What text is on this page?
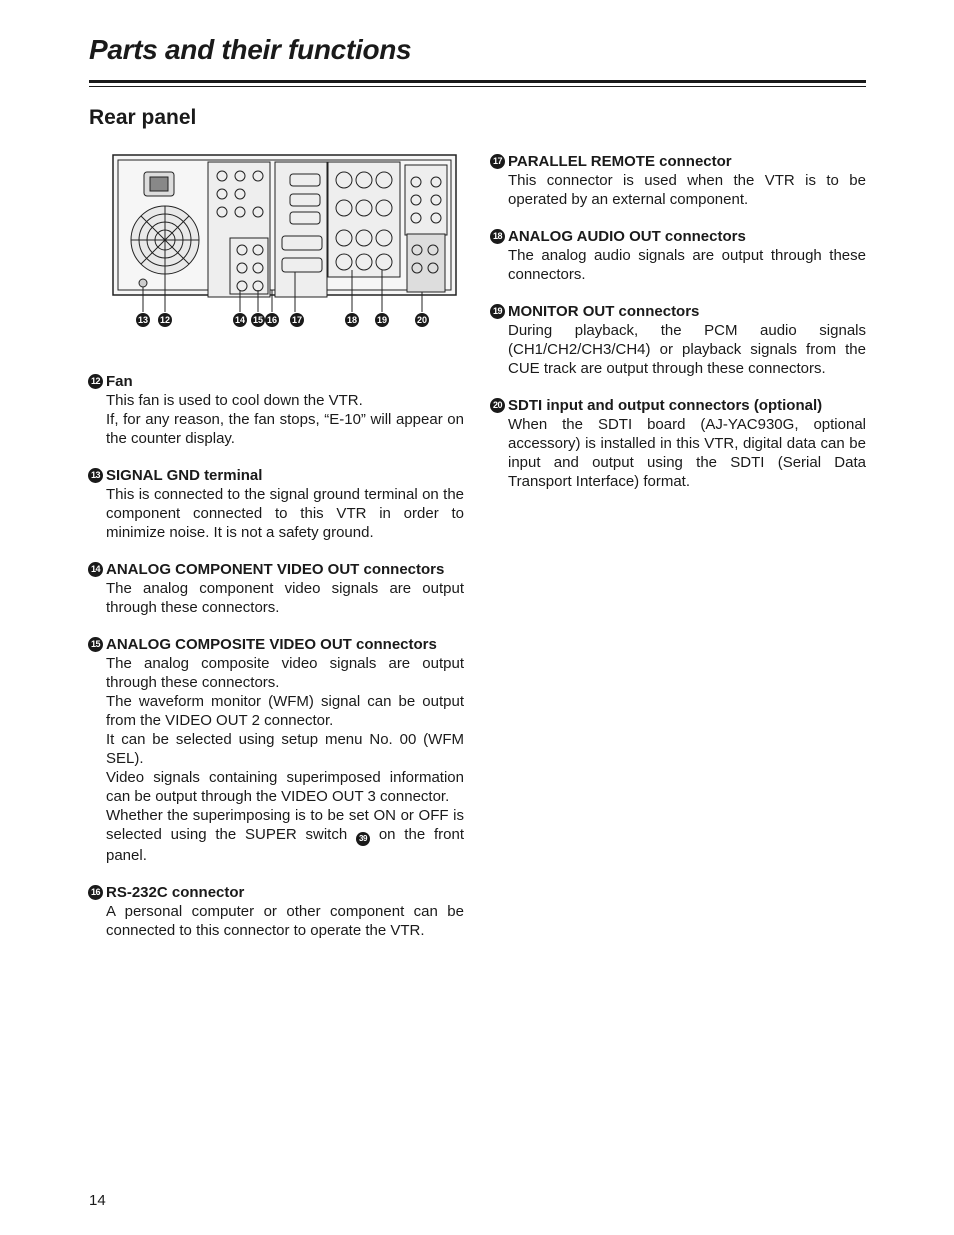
Parts and their functions
Rear panel
13 12	14 15 16 17	18 19	20
12 Fan

This fan is used to cool down the VTR.

If, for any reason, the fan stops, “E-10” will appear on the counter display.

13 SIGNAL GND terminal

This is connected to the signal ground terminal on the component connected to this VTR in order to minimize noise. It is not a safety ground.

14 ANALOG COMPONENT VIDEO OUT connectors

The analog component video signals are output through these connectors.

15 ANALOG COMPOSITE VIDEO OUT connectors

The analog composite video signals are output through these connectors.

The waveform monitor (WFM) signal can be output from the VIDEO OUT 2 connector.

It can be selected using setup menu No. 00 (WFM SEL).

Video signals containing superimposed information can be output through the VIDEO OUT 3 connector.

Whether the superimposing is to be set ON or OFF is selected using the SUPER switch 39 on the front panel.

16 RS-232C connector

A personal computer or other component can be connected to this connector to operate the VTR.

17 PARALLEL REMOTE connector

This connector is used when the VTR is to be operated by an external component.

18 ANALOG AUDIO OUT connectors

The analog audio signals are output through these connectors.

19 MONITOR OUT connectors

During playback, the PCM audio signals (CH1/CH2/CH3/CH4) or playback signals from the CUE track are output through these connectors.

20 SDTI input and output connectors (optional)

When the SDTI board (AJ-YAC930G, optional accessory) is installed in this VTR, digital data can be input and output using the SDTI (Serial Data Transport Interface) format.

14
